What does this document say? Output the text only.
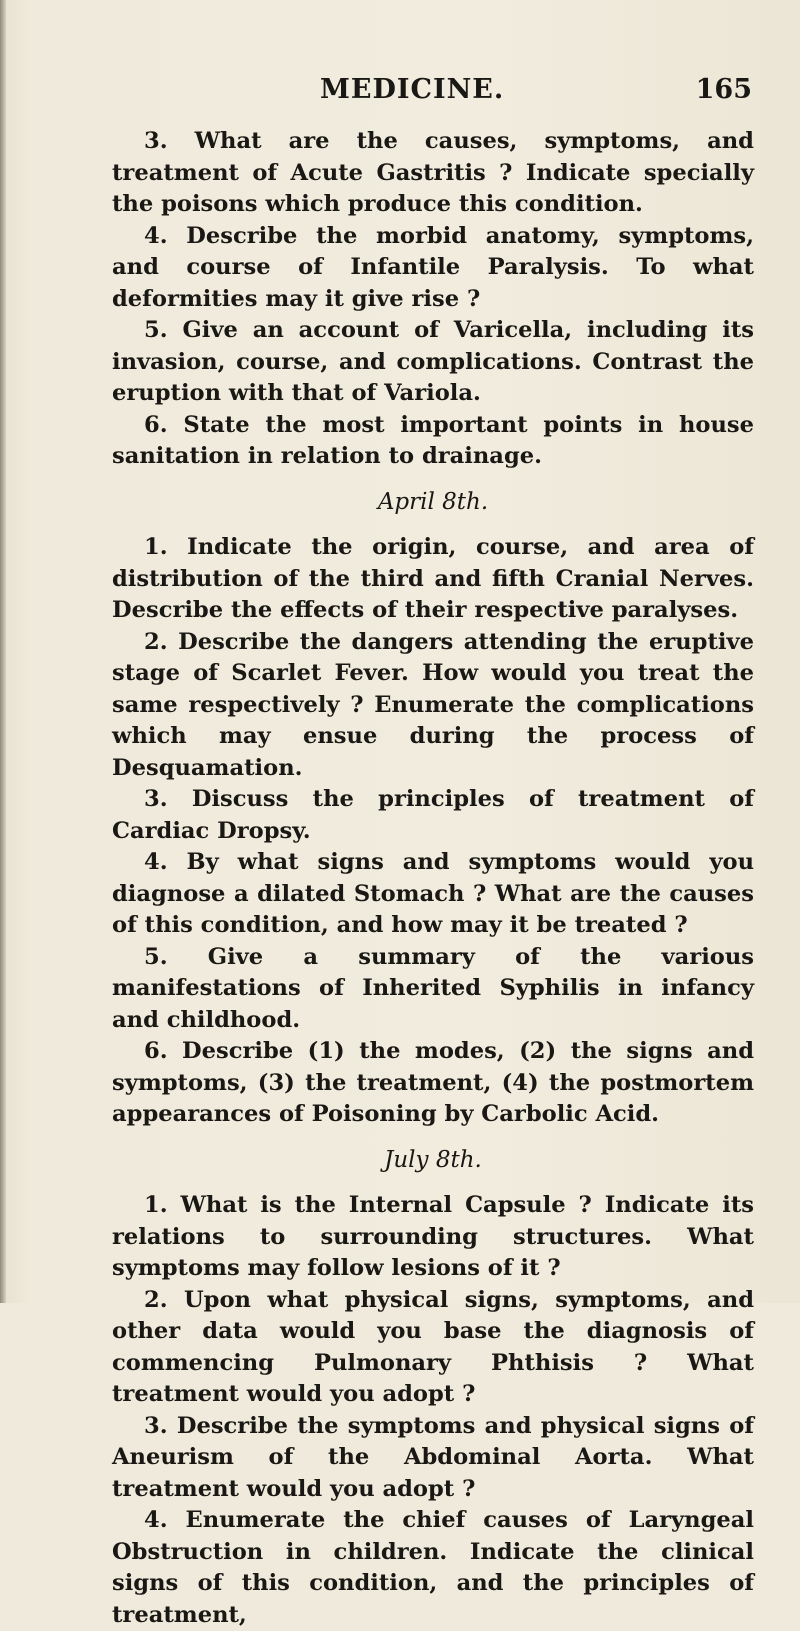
MEDICINE.	165

3. What are the causes, symptoms, and treatment of Acute Gastritis ? Indicate specially the poisons which produce this condition.

4. Describe the morbid anatomy, symptoms, and course of Infantile Paralysis. To what deformities may it give rise ?

5. Give an account of Varicella, including its invasion, course, and complications. Contrast the eruption with that of Variola.

6. State the most important points in house sanitation in relation to drainage.

April 8th.

1. Indicate the origin, course, and area of distribution of the third and fifth Cranial Nerves. Describe the effects of their respective paralyses.

2. Describe the dangers attending the eruptive stage of Scarlet Fever. How would you treat the same respectively ? Enumerate the complications which may ensue during the process of Desquamation.

3. Discuss the principles of treatment of Cardiac Dropsy.

4. By what signs and symptoms would you diagnose a dilated Stomach ? What are the causes of this condition, and how may it be treated ?

5. Give a summary of the various manifestations of Inherited Syphilis in infancy and childhood.

6. Describe (1) the modes, (2) the signs and symptoms, (3) the treatment, (4) the postmortem appearances of Poisoning by Carbolic Acid.

July 8th.

1. What is the Internal Capsule ? Indicate its relations to surrounding structures. What symptoms may follow lesions of it ?

2. Upon what physical signs, symptoms, and other data would you base the diagnosis of commencing Pulmonary Phthisis ? What treatment would you adopt ?

3. Describe the symptoms and physical signs of Aneurism of the Abdominal Aorta. What treatment would you adopt ?

4. Enumerate the chief causes of Laryngeal Obstruction in children. Indicate the clinical signs of this condition, and the principles of treatment,
